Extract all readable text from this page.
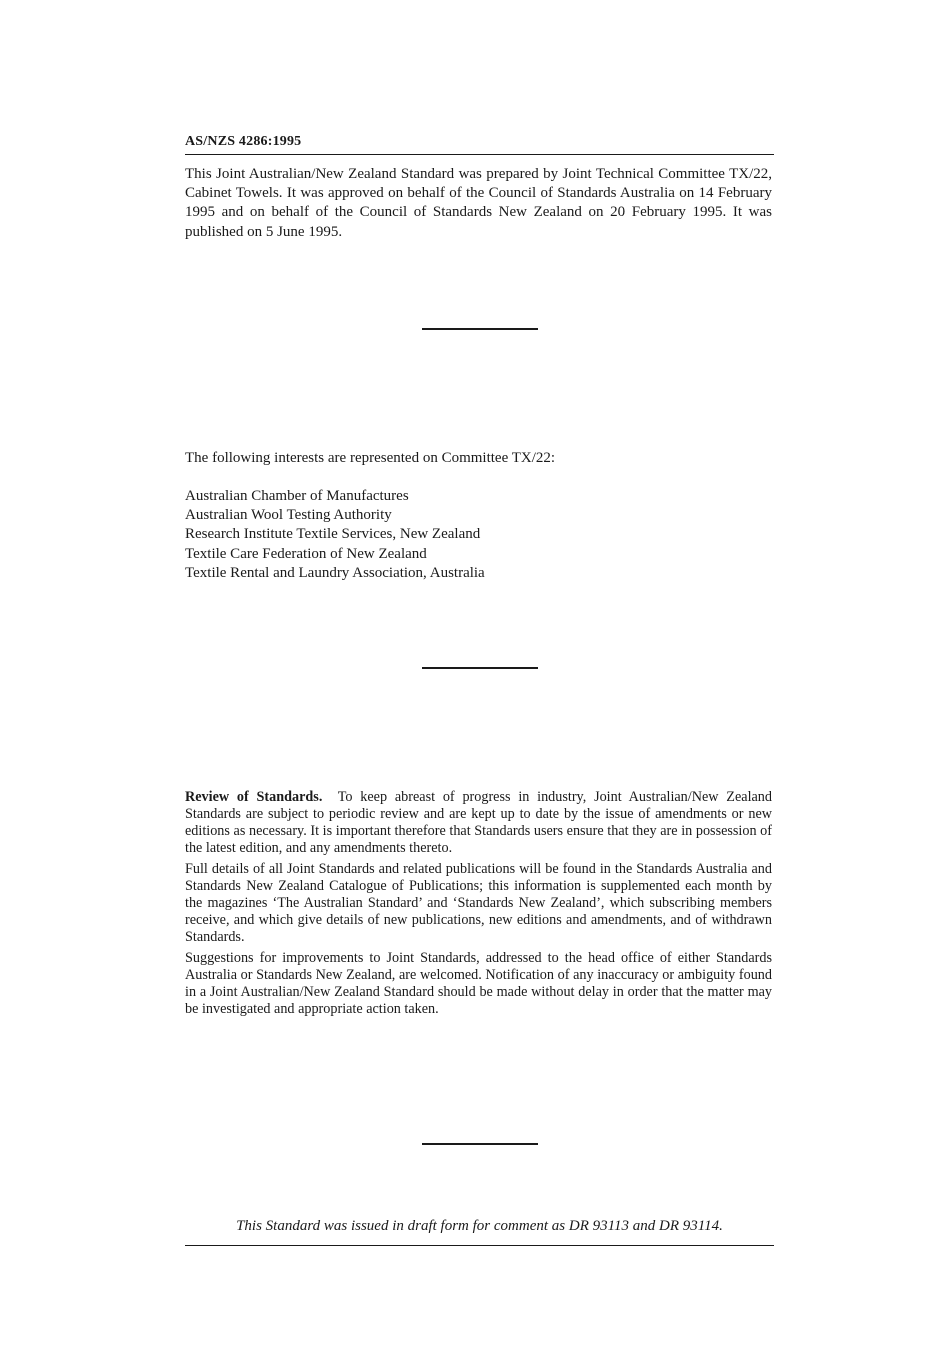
AS/NZS 4286:1995

This Joint Australian/New Zealand Standard was prepared by Joint Technical Committee TX/22, Cabinet Towels. It was approved on behalf of the Council of Standards Australia on 14 February 1995 and on behalf of the Council of Standards New Zealand on 20 February 1995. It was published on 5 June 1995.

The following interests are represented on Committee TX/22:

Australian Chamber of Manufactures
Australian Wool Testing Authority
Research Institute Textile Services, New Zealand
Textile Care Federation of New Zealand
Textile Rental and Laundry Association, Australia

Review of Standards. To keep abreast of progress in industry, Joint Australian/New Zealand Standards are subject to periodic review and are kept up to date by the issue of amendments or new editions as necessary. It is important therefore that Standards users ensure that they are in possession of the latest edition, and any amendments thereto.

Full details of all Joint Standards and related publications will be found in the Standards Australia and Standards New Zealand Catalogue of Publications; this information is supplemented each month by the magazines ‘The Australian Standard’ and ‘Standards New Zealand’, which subscribing members receive, and which give details of new publications, new editions and amendments, and of withdrawn Standards.

Suggestions for improvements to Joint Standards, addressed to the head office of either Standards Australia or Standards New Zealand, are welcomed. Notification of any inaccuracy or ambiguity found in a Joint Australian/New Zealand Standard should be made without delay in order that the matter may be investigated and appropriate action taken.

This Standard was issued in draft form for comment as DR 93113 and DR 93114.
